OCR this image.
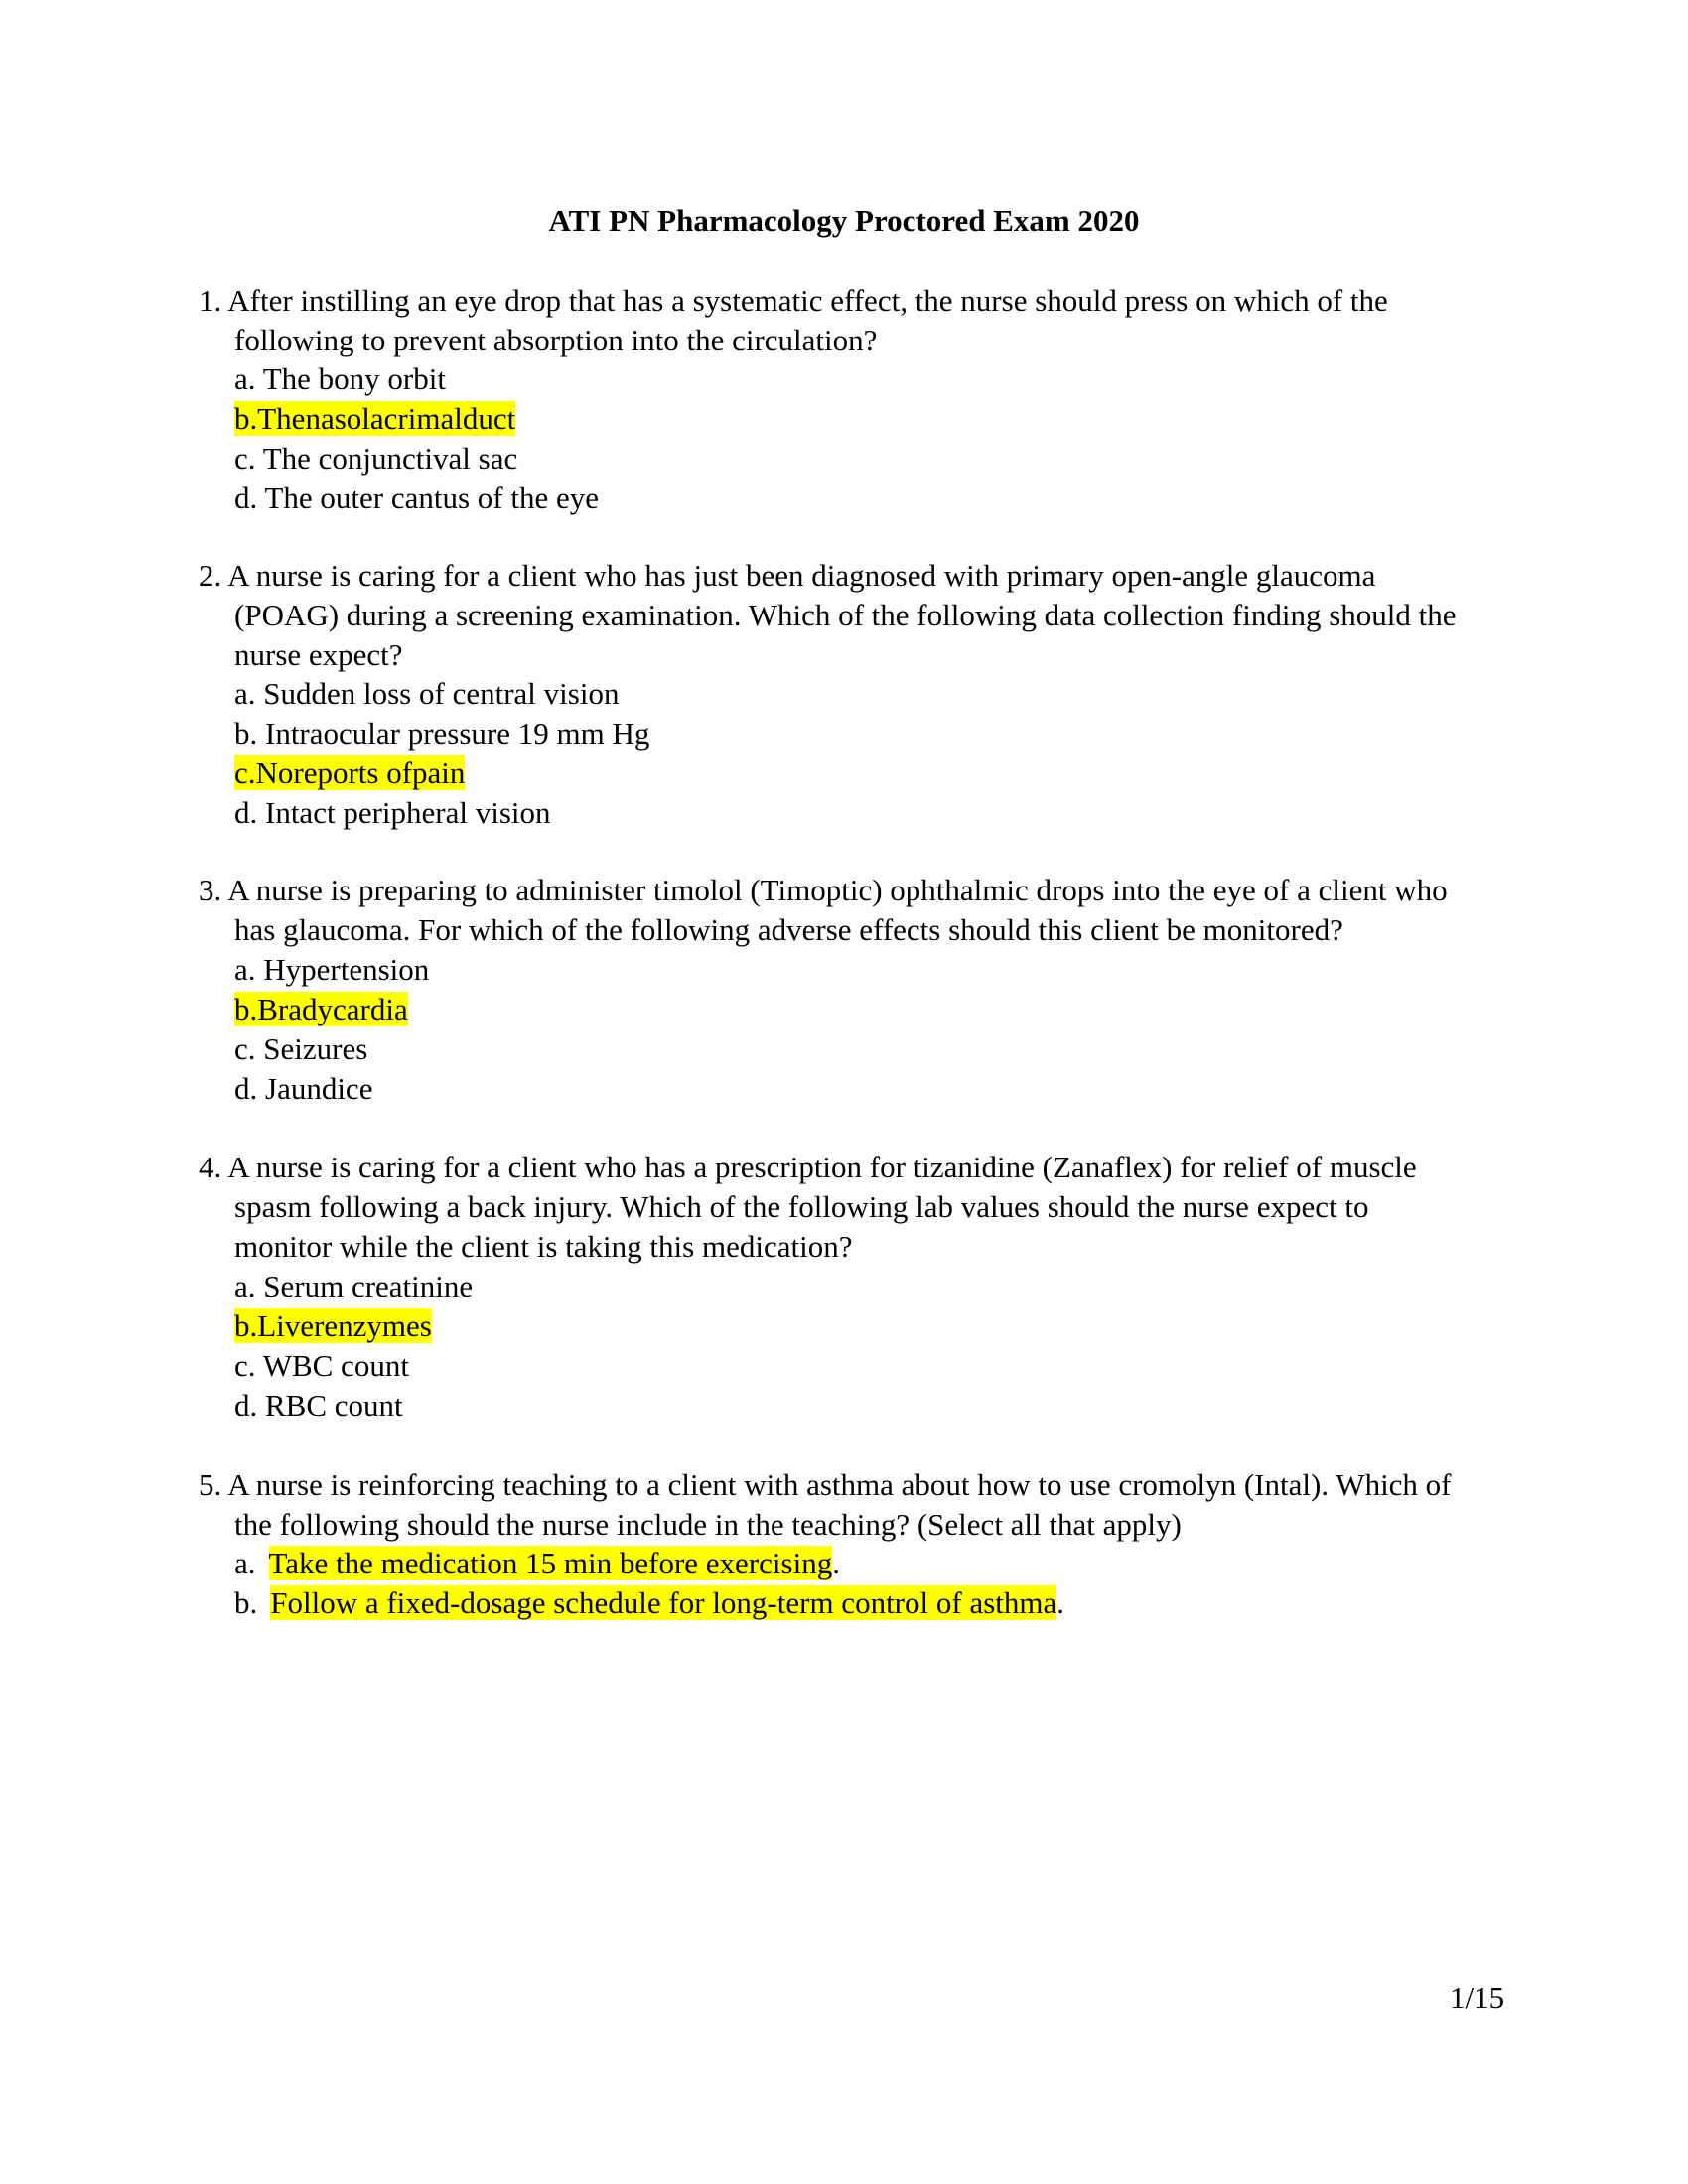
ATI PN Pharmacology Proctored Exam 2020
1. After instilling an eye drop that has a systematic effect, the nurse should press on which of the
following to prevent absorption into the circulation?
a. The bony orbit
b.Thenasolacrimalduct
c. The conjunctival sac
d. The outer cantus of the eye
2. A nurse is caring for a client who has just been diagnosed with primary open-angle glaucoma
(POAG) during a screening examination. Which of the following data collection finding should the
nurse expect?
a. Sudden loss of central vision
b. Intraocular pressure 19 mm Hg
c.Noreports ofpain
d. Intact peripheral vision
3. A nurse is preparing to administer timolol (Timoptic) ophthalmic drops into the eye of a client who
has glaucoma. For which of the following adverse effects should this client be monitored?
a. Hypertension
b.Bradycardia
c. Seizures
d. Jaundice
4. A nurse is caring for a client who has a prescription for tizanidine (Zanaflex) for relief of muscle
spasm following a back injury. Which of the following lab values should the nurse expect to
monitor while the client is taking this medication?
a. Serum creatinine
b.Liverenzymes
c. WBC count
d. RBC count
5. A nurse is reinforcing teaching to a client with asthma about how to use cromolyn (Intal). Which of
the following should the nurse include in the teaching? (Select all that apply)
a. Take the medication 15 min before exercising.
b. Follow a fixed-dosage schedule for long-term control of asthma.
1/15
